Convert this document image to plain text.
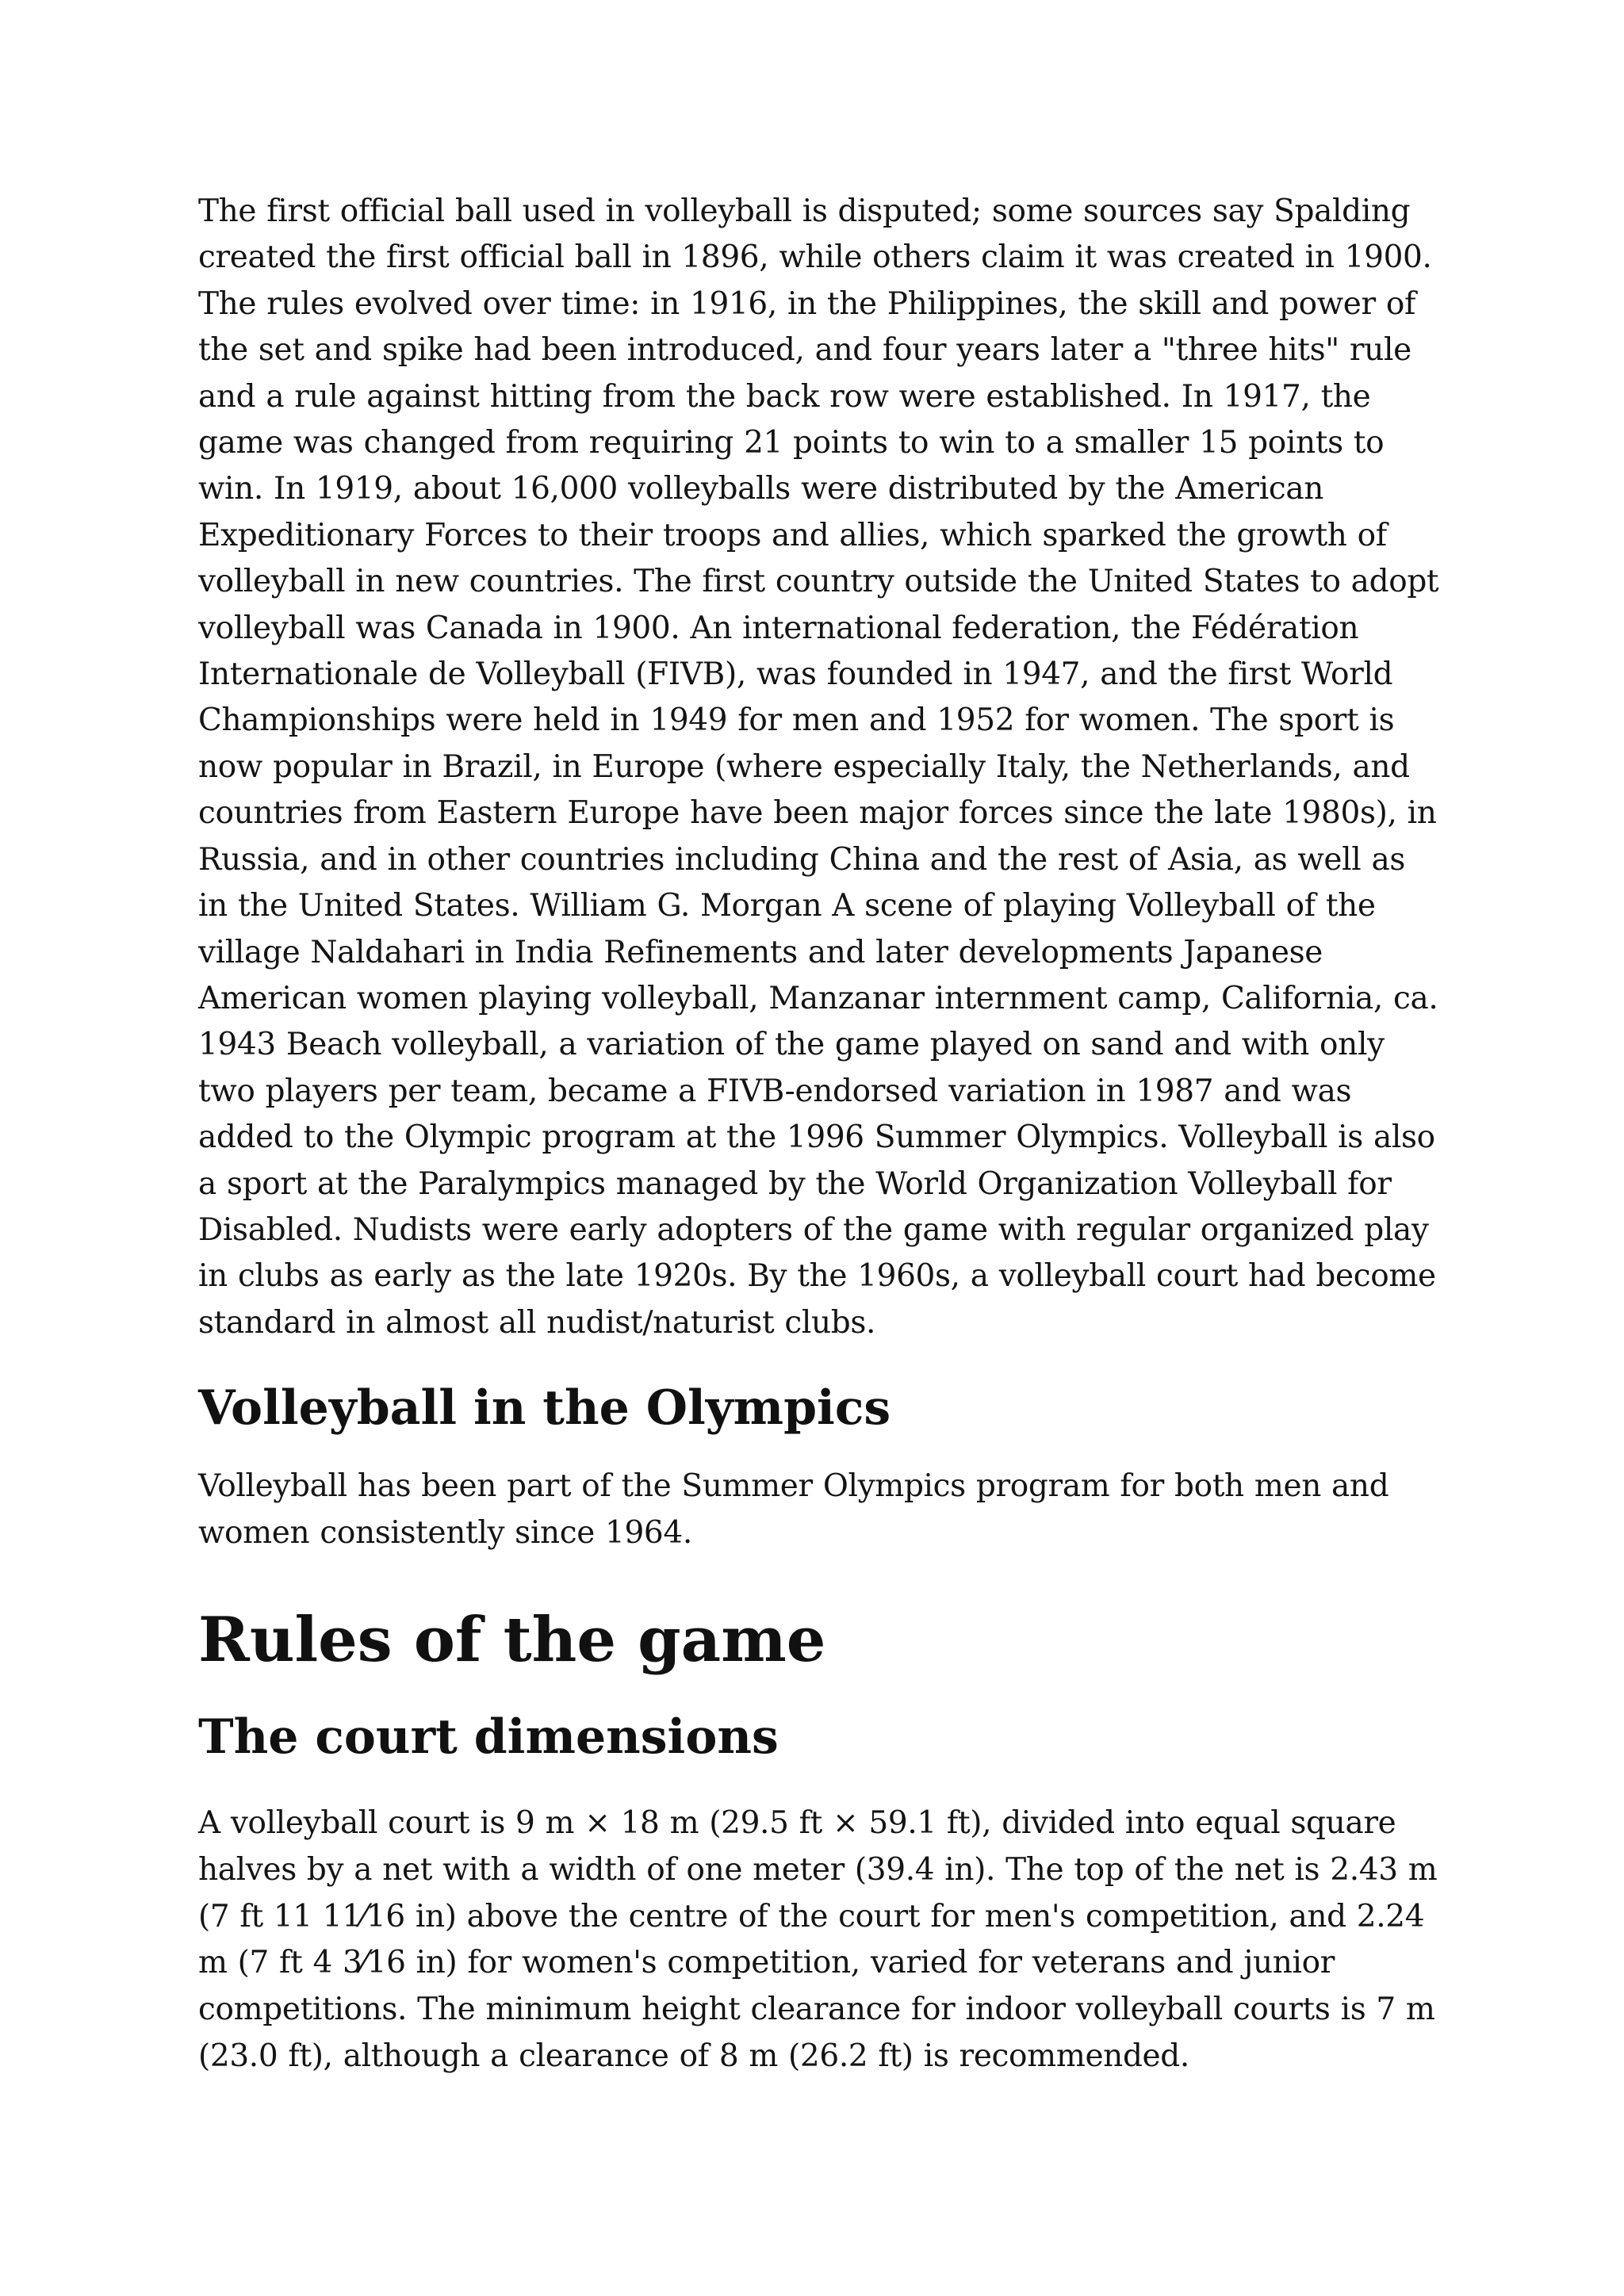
The first official ball used in volleyball is disputed; some sources say Spalding created the first official ball in 1896, while others claim it was created in 1900. The rules evolved over time: in 1916, in the Philippines, the skill and power of the set and spike had been introduced, and four years later a "three hits" rule and a rule against hitting from the back row were established. In 1917, the game was changed from requiring 21 points to win to a smaller 15 points to win. In 1919, about 16,000 volleyballs were distributed by the American Expeditionary Forces to their troops and allies, which sparked the growth of volleyball in new countries. The first country outside the United States to adopt volleyball was Canada in 1900. An international federation, the Fédération Internationale de Volleyball (FIVB), was founded in 1947, and the first World Championships were held in 1949 for men and 1952 for women. The sport is now popular in Brazil, in Europe (where especially Italy, the Netherlands, and countries from Eastern Europe have been major forces since the late 1980s), in Russia, and in other countries including China and the rest of Asia, as well as in the United States. William G. Morgan A scene of playing Volleyball of the village Naldahari in India Refinements and later developments Japanese American women playing volleyball, Manzanar internment camp, California, ca. 1943 Beach volleyball, a variation of the game played on sand and with only two players per team, became a FIVB-endorsed variation in 1987 and was added to the Olympic program at the 1996 Summer Olympics. Volleyball is also a sport at the Paralympics managed by the World Organization Volleyball for Disabled. Nudists were early adopters of the game with regular organized play in clubs as early as the late 1920s. By the 1960s, a volleyball court had become standard in almost all nudist/naturist clubs.

Volleyball in the Olympics

Volleyball has been part of the Summer Olympics program for both men and women consistently since 1964.

Rules of the game
The court dimensions

A volleyball court is 9 m × 18 m (29.5 ft × 59.1 ft), divided into equal square halves by a net with a width of one meter (39.4 in). The top of the net is 2.43 m (7 ft 11 11⁄16 in) above the centre of the court for men's competition, and 2.24 m (7 ft 4 3⁄16 in) for women's competition, varied for veterans and junior competitions. The minimum height clearance for indoor volleyball courts is 7 m (23.0 ft), although a clearance of 8 m (26.2 ft) is recommended.
